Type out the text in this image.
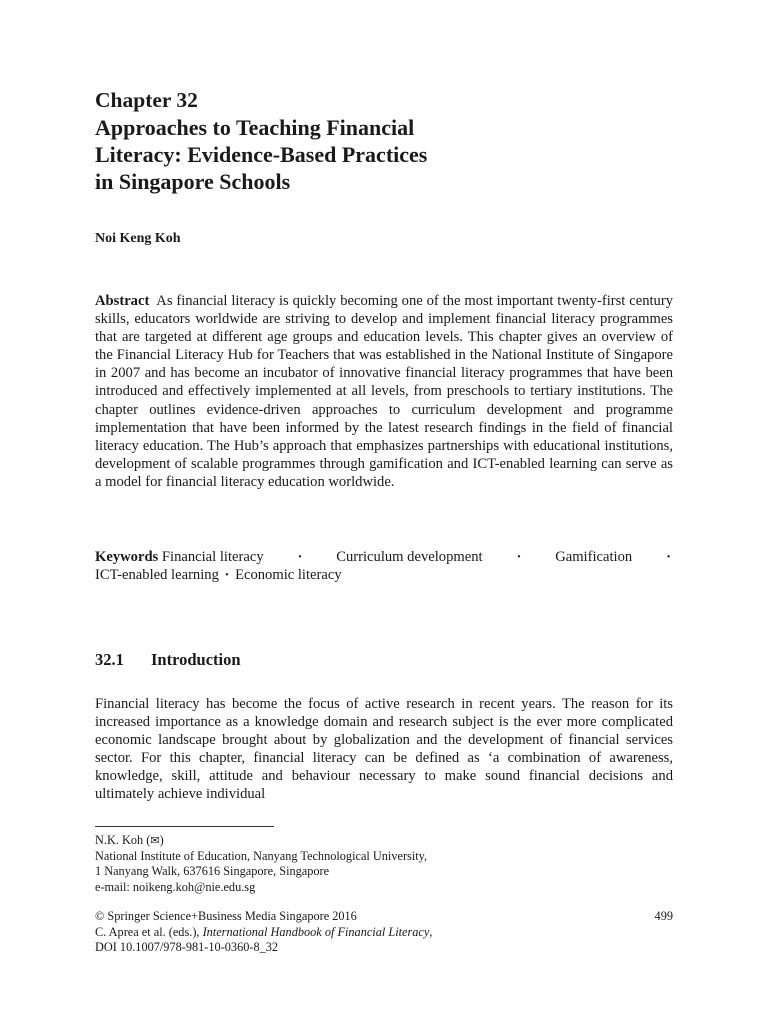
Chapter 32
Approaches to Teaching Financial
Literacy: Evidence-Based Practices
in Singapore Schools
Noi Keng Koh

Abstract As financial literacy is quickly becoming one of the most important twenty-first century skills, educators worldwide are striving to develop and implement financial literacy programmes that are targeted at different age groups and education levels. This chapter gives an overview of the Financial Literacy Hub for Teachers that was established in the National Institute of Singapore in 2007 and has become an incubator of innovative financial literacy programmes that have been introduced and effectively implemented at all levels, from preschools to tertiary institutions. The chapter outlines evidence-driven approaches to curriculum development and programme implementation that have been informed by the latest research findings in the field of financial literacy education. The Hub’s approach that emphasizes partnerships with educational institutions, development of scalable programmes through gamification and ICT-enabled learning can serve as a model for financial literacy education worldwide.

Keywords Financial literacy · Curriculum development · Gamification ·
ICT-enabled learning · Economic literacy
32.1 Introduction

Financial literacy has become the focus of active research in recent years. The reason for its increased importance as a knowledge domain and research subject is the ever more complicated economic landscape brought about by globalization and the development of financial services sector. For this chapter, financial literacy can be defined as ‘a combination of awareness, knowledge, skill, attitude and behaviour necessary to make sound financial decisions and ultimately achieve individual

N.K. Koh (✉)
National Institute of Education, Nanyang Technological University,
1 Nanyang Walk, 637616 Singapore, Singapore
e-mail: noikeng.koh@nie.edu.sg
© Springer Science+Business Media Singapore 2016
C. Aprea et al. (eds.), International Handbook of Financial Literacy,
DOI 10.1007/978-981-10-0360-8_32
499
